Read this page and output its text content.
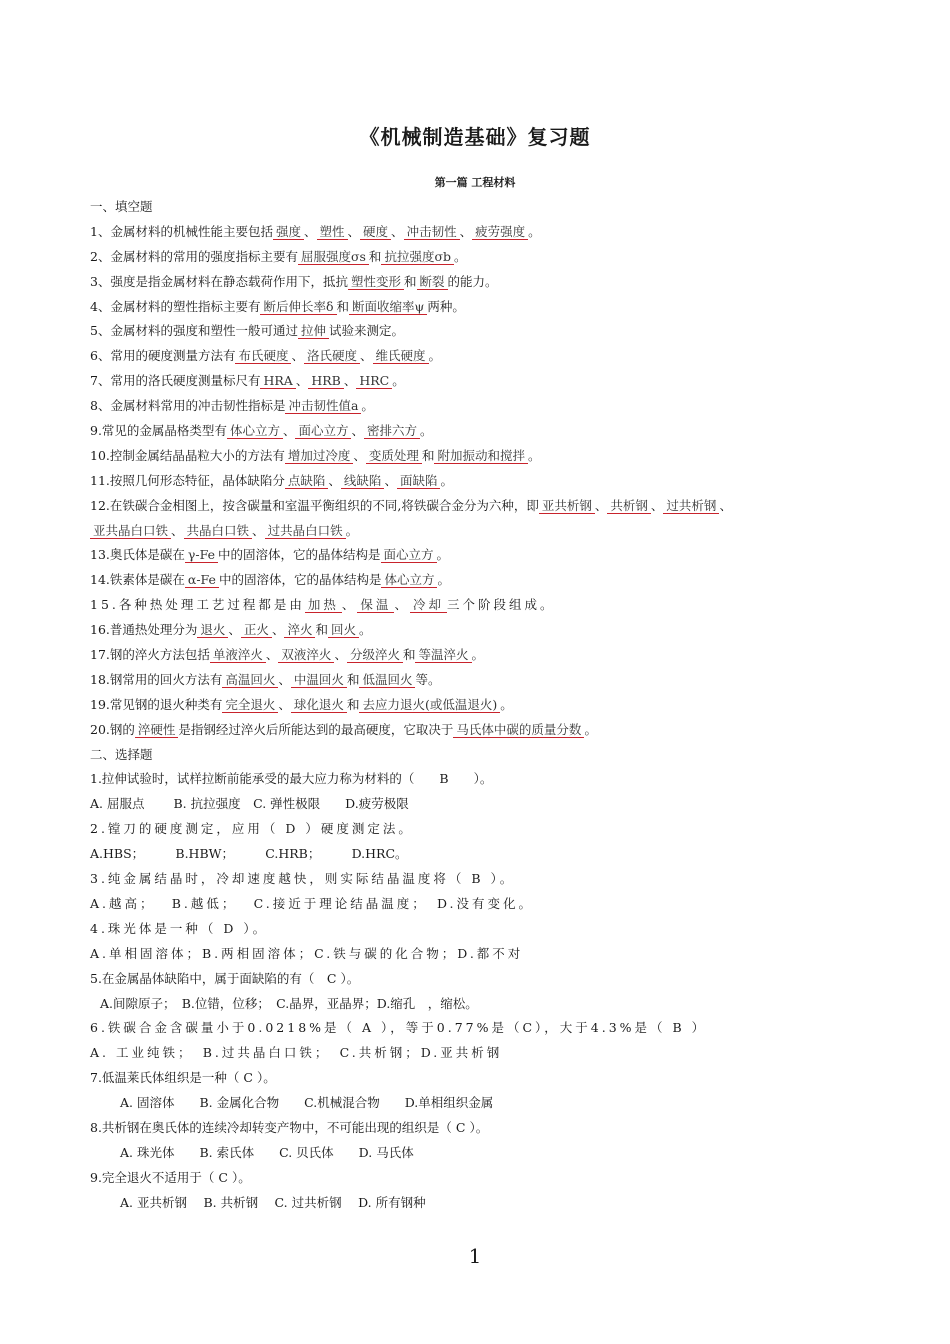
《机械制造基础》复习题
第一篇 工程材料
一、填空题
1、金属材料的机械性能主要包括 强度 、 塑性 、 硬度 、 冲击韧性 、 疲劳强度 。
2、金属材料的常用的强度指标主要有 屈服强度σs 和 抗拉强度σb 。
3、强度是指金属材料在静态载荷作用下，抵抗 塑性变形 和 断裂 的能力。
4、金属材料的塑性指标主要有 断后伸长率δ 和 断面收缩率ψ 两种。
5、金属材料的强度和塑性一般可通过 拉伸 试验来测定。
6、常用的硬度测量方法有 布氏硬度 、 洛氏硬度 、 维氏硬度 。
7、常用的洛氏硬度测量标尺有 HRA 、 HRB 、 HRC 。
8、金属材料常用的冲击韧性指标是 冲击韧性值a 。
9.常见的金属晶格类型有 体心立方 、 面心立方 、 密排六方 。
10.控制金属结晶晶粒大小的方法有 增加过冷度 、 变质处理 和 附加振动和搅拌 。
11.按照几何形态特征，晶体缺陷分 点缺陷 、 线缺陷 、 面缺陷 。
12.在铁碳合金相图上，按含碳量和室温平衡组织的不同,将铁碳合金分为六种，即 亚共析钢 、 共析钢 、 过共析钢 、
亚共晶白口铁 、 共晶白口铁 、 过共晶白口铁 。
13.奥氏体是碳在 γ-Fe 中的固溶体，它的晶体结构是 面心立方 。
14.铁素体是碳在 α-Fe 中的固溶体，它的晶体结构是 体心立方 。
15.各种热处理工艺过程都是由 加热 、 保温 、 冷却 三个阶段组成。
16.普通热处理分为 退火 、 正火 、 淬火 和 回火 。
17.钢的淬火方法包括 单液淬火 、 双液淬火 、 分级淬火 和 等温淬火 。
18.钢常用的回火方法有 高温回火 、 中温回火 和 低温回火 等。
19.常见钢的退火种类有 完全退火 、 球化退火 和 去应力退火(或低温退火) 。
20.钢的 淬硬性 是指钢经过淬火后所能达到的最高硬度，它取决于 马氏体中碳的质量分数 。
二、选择题
1.拉伸试验时，试样拉断前能承受的最大应力称为材料的（　　B　　）。
A. 屈服点　　 B. 抗拉强度　C. 弹性极限　　D.疲劳极限
2.镗刀的硬度测定，应用（ D ）硬度测定法。
A.HBS；　　　B.HBW；　　　C.HRB；　　　D.HRC。
3.纯金属结晶时，冷却速度越快，则实际结晶温度将（ B ）。
A.越高；　 B.越低；　 C.接近于理论结晶温度；　D.没有变化。
4.珠光体是一种（ D ）。
A.单相固溶体；B.两相固溶体；C.铁与碳的化合物；D.都不对
5.在金属晶体缺陷中，属于面缺陷的有（　C ）。
A.间隙原子；　B.位错，位移；　C.晶界，亚晶界；D.缩孔　，缩松。
6.铁碳合金含碳量小于0.0218%是（ A ），等于0.77%是（C），大于4.3%是（ B ）
A. 工业纯铁；　B.过共晶白口铁；　C.共析钢；D.亚共析钢
7.低温莱氏体组织是一种（ C ）。
A. 固溶体　　B. 金属化合物　　C.机械混合物　　D.单相组织金属
8.共析钢在奥氏体的连续冷却转变产物中，不可能出现的组织是（ C ）。
A. 珠光体　　B. 索氏体　　C. 贝氏体　　D. 马氏体
9.完全退火不适用于（ C ）。
A. 亚共析钢　 B. 共析钢　 C. 过共析钢　 D. 所有钢种
1
